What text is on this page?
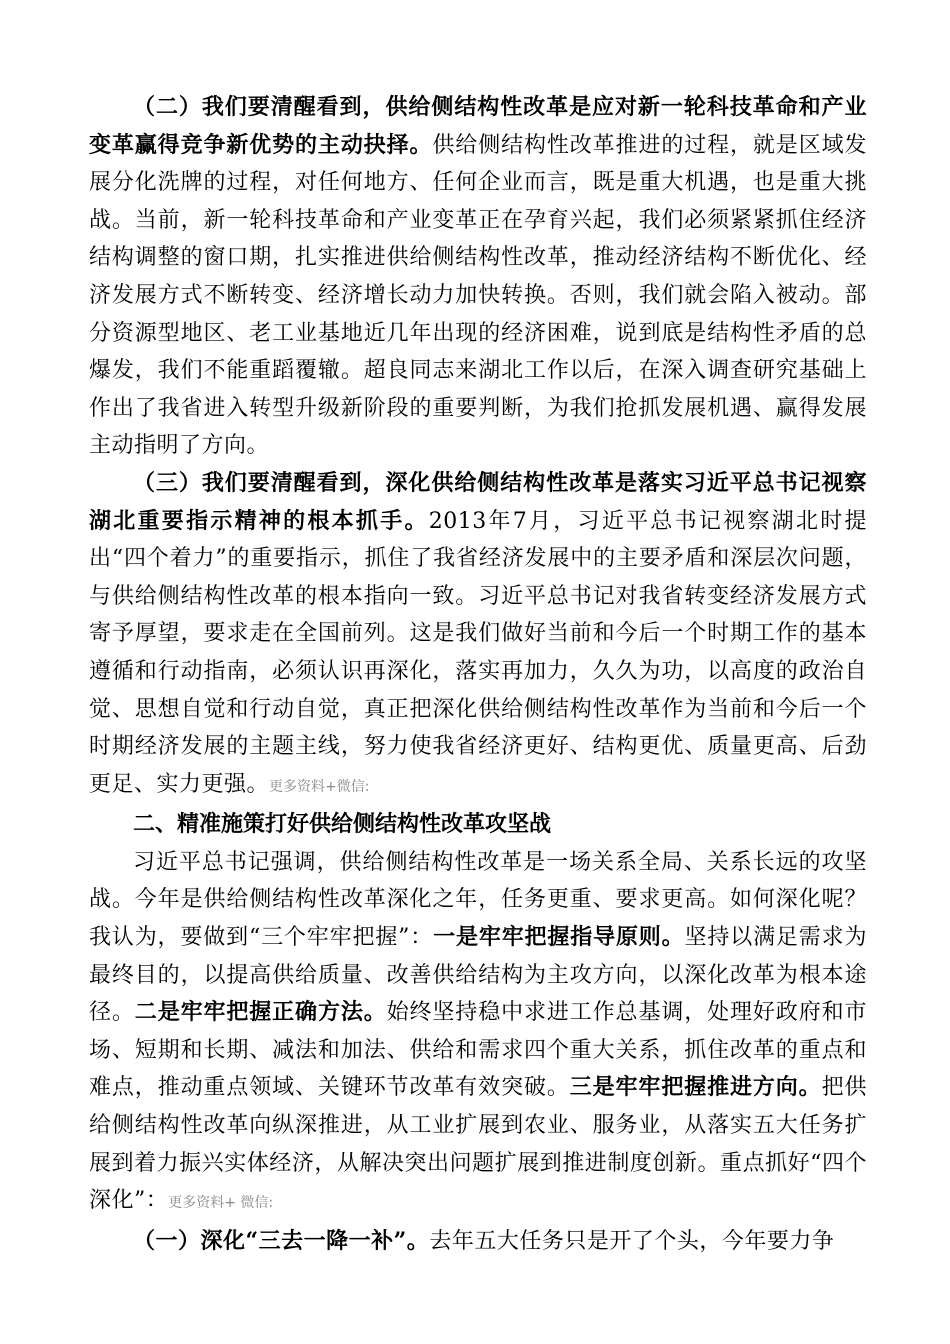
（二）我们要清醒看到，供给侧结构性改革是应对新一轮科技革命和产业变革赢得竞争新优势的主动抉择。供给侧结构性改革推进的过程，就是区域发展分化洗牌的过程，对任何地方、任何企业而言，既是重大机遇，也是重大挑战。当前，新一轮科技革命和产业变革正在孕育兴起，我们必须紧紧抓住经济结构调整的窗口期，扎实推进供给侧结构性改革，推动经济结构不断优化、经济发展方式不断转变、经济增长动力加快转换。否则，我们就会陷入被动。部分资源型地区、老工业基地近几年出现的经济困难，说到底是结构性矛盾的总爆发，我们不能重蹈覆辙。超良同志来湖北工作以后，在深入调查研究基础上作出了我省进入转型升级新阶段的重要判断，为我们抢抓发展机遇、赢得发展主动指明了方向。

（三）我们要清醒看到，深化供给侧结构性改革是落实习近平总书记视察湖北重要指示精神的根本抓手。2013年7月，习近平总书记视察湖北时提出“四个着力”的重要指示，抓住了我省经济发展中的主要矛盾和深层次问题，与供给侧结构性改革的根本指向一致。习近平总书记对我省转变经济发展方式寄予厚望，要求走在全国前列。这是我们做好当前和今后一个时期工作的基本遵循和行动指南，必须认识再深化，落实再加力，久久为功，以高度的政治自觉、思想自觉和行动自觉，真正把深化供给侧结构性改革作为当前和今后一个时期经济发展的主题主线，努力使我省经济更好、结构更优、质量更高、后劲更足、实力更强。更多资料+微信:

二、精准施策打好供给侧结构性改革攻坚战

习近平总书记强调，供给侧结构性改革是一场关系全局、关系长远的攻坚战。今年是供给侧结构性改革深化之年，任务更重、要求更高。如何深化呢？我认为，要做到“三个牢牢把握”：一是牢牢把握指导原则。坚持以满足需求为最终目的，以提高供给质量、改善供给结构为主攻方向，以深化改革为根本途径。二是牢牢把握正确方法。始终坚持稳中求进工作总基调，处理好政府和市场、短期和长期、减法和加法、供给和需求四个重大关系，抓住改革的重点和难点，推动重点领域、关键环节改革有效突破。三是牢牢把握推进方向。把供给侧结构性改革向纵深推进，从工业扩展到农业、服务业，从落实五大任务扩展到着力振兴实体经济，从解决突出问题扩展到推进制度创新。重点抓好“四个深化”：更多资料+ 微信:

（一）深化“三去一降一补”。去年五大任务只是开了个头，今年要力争
